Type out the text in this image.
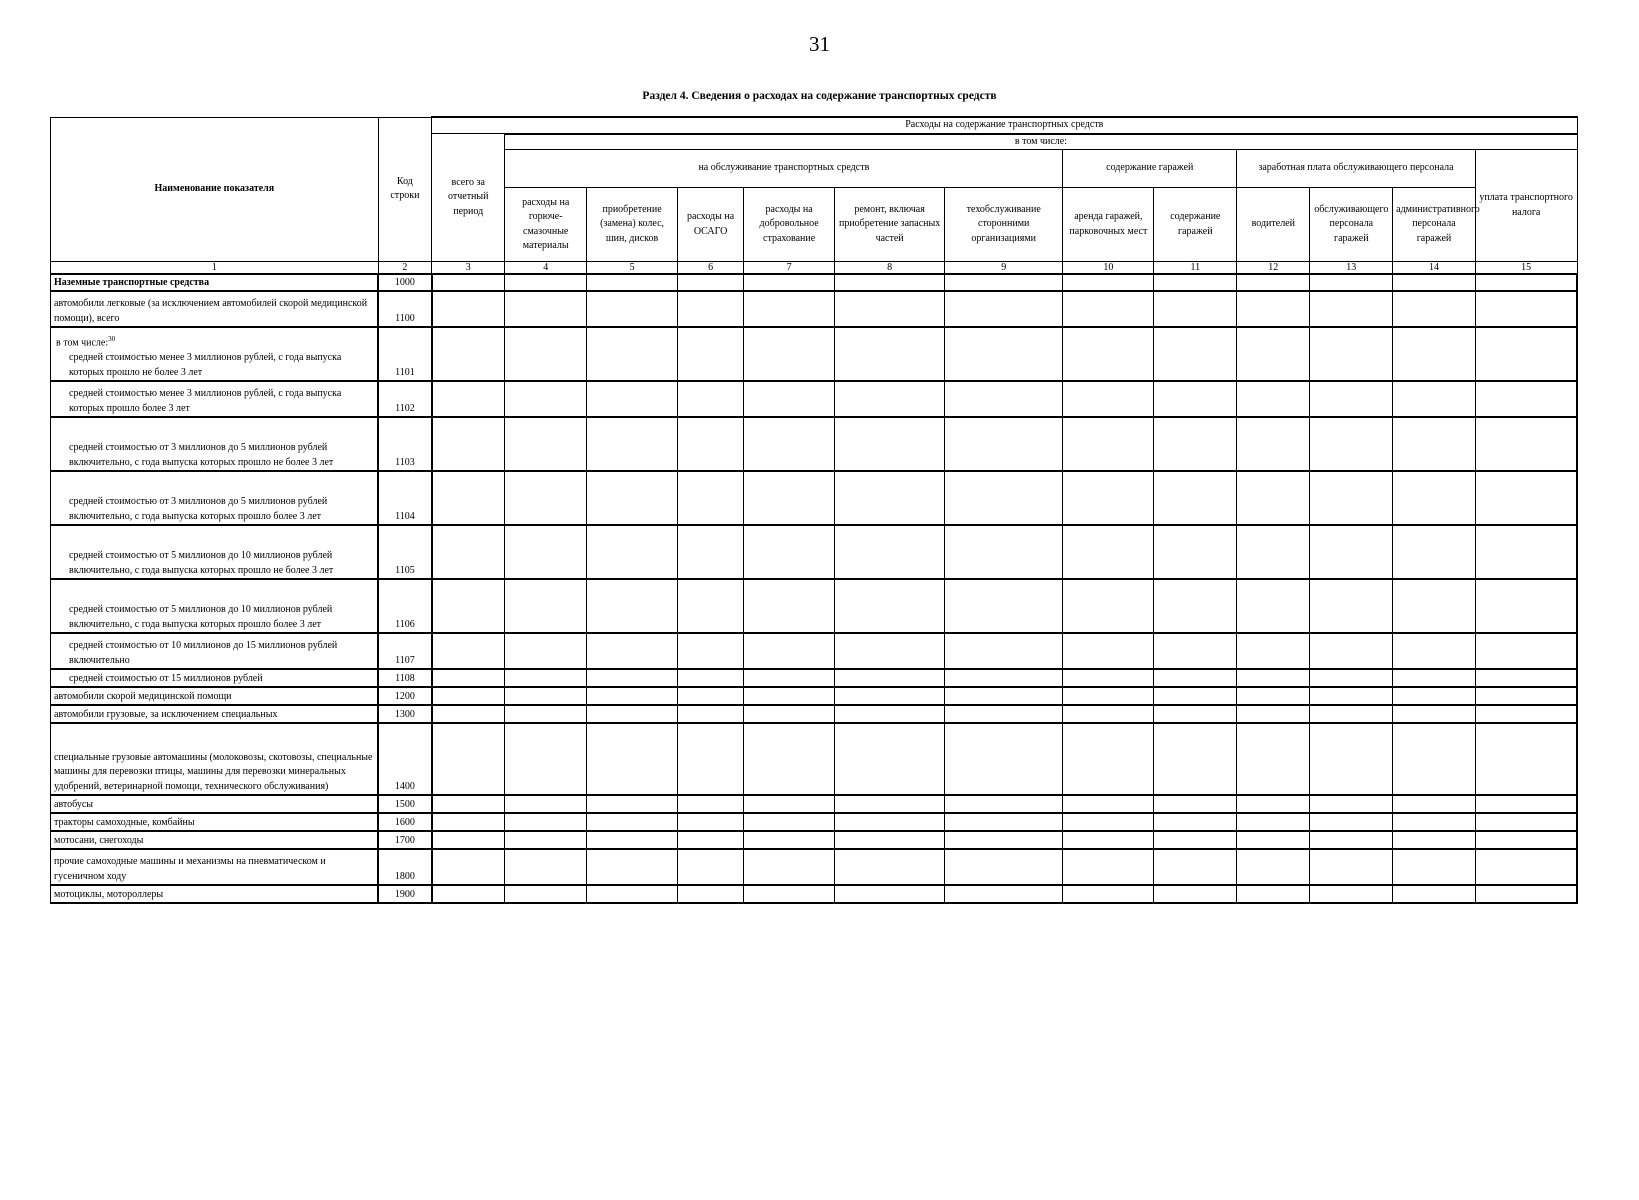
31
Раздел 4. Сведения о расходах на содержание транспортных средств
Наименование показателя	Код строки	Расходы на содержание транспортных средств												
		всего за отчетный период	в том числе:											
			на обслуживание транспортных средств						содержание гаражей		заработная плата обслуживающего персонала			уплата транспортного налога
			расходы на горюче-смазочные материалы	приобретение (замена) колес, шин, дисков	расходы на ОСАГО	расходы на добровольное страхование	ремонт, включая приобретение запасных частей	техобслуживание сторонними организациями	аренда гаражей, парковочных мест	содержание гаражей	водителей	обслуживающего персонала гаражей	административного персонала гаражей	
1	2	3	4	5	6	7	8	9	10	11	12	13	14	15
Наземные транспортные средства	1000													
автомобили легковые (за исключением автомобилей скорой медицинской помощи), всего	1100													

в том числе:$^{30}$
средней стоимостью менее 3 миллионов рублей, с года выпуска которых прошло не более 3 лет	1101													
средней стоимостью менее 3 миллионов рублей, с года выпуска которых прошло более 3 лет	1102													
средней стоимостью от 3 миллионов до 5 миллионов рублей включительно, с года выпуска которых прошло не более 3 лет	1103													
средней стоимостью от 3 миллионов до 5 миллионов рублей включительно, с года выпуска которых прошло более 3 лет	1104													
средней стоимостью от 5 миллионов до 10 миллионов рублей включительно, с года выпуска которых прошло не более 3 лет	1105													
средней стоимостью от 5 миллионов до 10 миллионов рублей включительно, с года выпуска которых прошло более 3 лет	1106													
средней стоимостью от 10 миллионов до 15 миллионов рублей включительно	1107													
средней стоимостью от 15 миллионов рублей	1108													
автомобили скорой медицинской помощи	1200													
автомобили грузовые, за исключением специальных	1300													
специальные грузовые автомашины (молоковозы, скотовозы, специальные машины для перевозки птицы, машины для перевозки минеральных удобрений, ветеринарной помощи, технического обслуживания)	1400													
автобусы	1500													
тракторы самоходные, комбайны	1600													
мотосани, снегоходы	1700													
прочие самоходные машины и механизмы на пневматическом и гусеничном ходу	1800													
мотоциклы, мотороллеры	1900													
